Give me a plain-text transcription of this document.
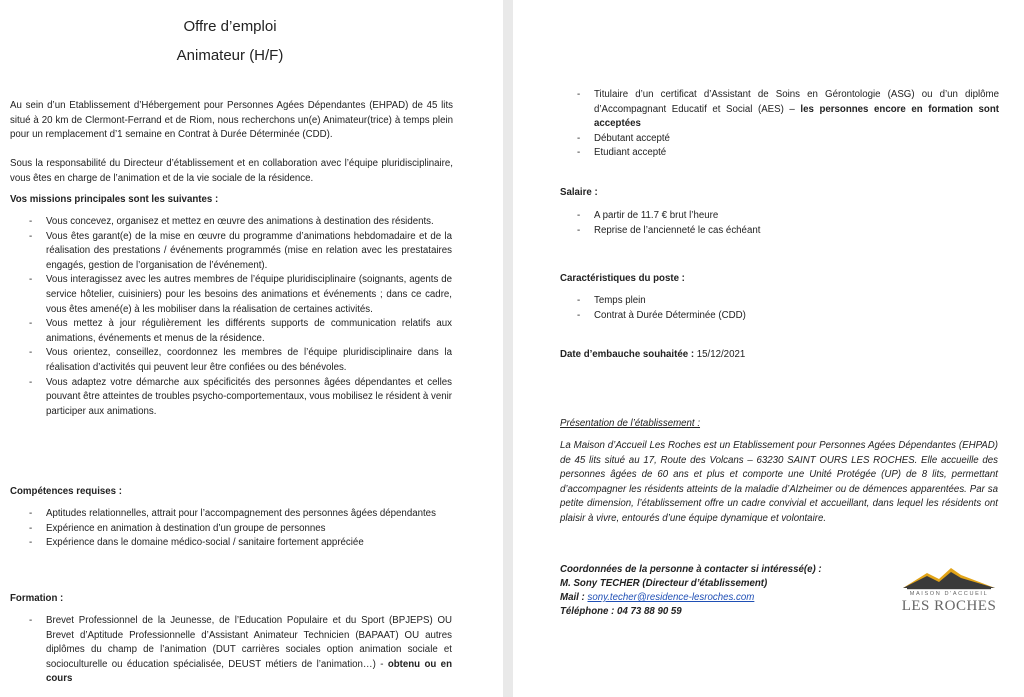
Offre d’emploi

Animateur (H/F)

Au sein d’un Etablissement d’Hébergement pour Personnes Agées Dépendantes (EHPAD) de 45 lits situé à 20 km de Clermont-Ferrand et de Riom, nous recherchons un(e) Animateur(trice) à temps plein pour un remplacement d’1 semaine en Contrat à Durée Déterminée (CDD).

Sous la responsabilité du Directeur d’établissement et en collaboration avec l’équipe pluridisciplinaire, vous êtes en charge de l’animation et de la vie sociale de la résidence.

Vos missions principales sont les suivantes :

- Vous concevez, organisez et mettez en œuvre des animations à destination des résidents.
- Vous êtes garant(e) de la mise en œuvre du programme d’animations hebdomadaire et de la réalisation des prestations / événements programmés (mise en relation avec les prestataires engagés, gestion de l’organisation de l’événement).
- Vous interagissez avec les autres membres de l’équipe pluridisciplinaire (soignants, agents de service hôtelier, cuisiniers) pour les besoins des animations et événements ; dans ce cadre, vous êtes amené(e) à les mobiliser dans la réalisation de certaines activités.
- Vous mettez à jour régulièrement les différents supports de communication relatifs aux animations, événements et menus de la résidence.
- Vous orientez, conseillez, coordonnez les membres de l’équipe pluridisciplinaire dans la réalisation d’activités qui peuvent leur être confiées ou des bénévoles.
- Vous adaptez votre démarche aux spécificités des personnes âgées dépendantes et celles pouvant être atteintes de troubles psycho-comportementaux, vous mobilisez le résident à venir participer aux animations.

Compétences requises :

- Aptitudes relationnelles, attrait pour l’accompagnement des personnes âgées dépendantes
- Expérience en animation à destination d’un groupe de personnes
- Expérience dans le domaine médico-social / sanitaire fortement appréciée

Formation :

- Brevet Professionnel de la Jeunesse, de l’Education Populaire et du Sport (BPJEPS) OU Brevet d’Aptitude Professionnelle d’Assistant Animateur Technicien (BAPAAT) OU autres diplômes du champ de l’animation (DUT carrières sociales option animation sociale et socioculturelle ou éducation spécialisée, DEUST métiers de l’animation…) - obtenu ou en cours
- Titulaire d’un certificat d’Assistant de Soins en Gérontologie (ASG) ou d’un diplôme d’Accompagnant Educatif et Social (AES) – les personnes encore en formation sont acceptées
- Débutant accepté
- Etudiant accepté

Salaire :

- A partir de 11.7 € brut l’heure
- Reprise de l’ancienneté le cas échéant

Caractéristiques du poste :

- Temps plein
- Contrat à Durée Déterminée (CDD)

Date d’embauche souhaitée : 15/12/2021

Présentation de l’établissement :

La Maison d’Accueil Les Roches est un Etablissement pour Personnes Agées Dépendantes (EHPAD) de 45 lits situé au 17, Route des Volcans – 63230 SAINT OURS LES ROCHES. Elle accueille des personnes âgées de 60 ans et plus et comporte une Unité Protégée (UP) de 8 lits, permettant d’accompagner les résidents atteints de la maladie d’Alzheimer ou de démences apparentées. Par sa petite dimension, l’établissement offre un cadre convivial et accueillant, dans lequel les résidents ont plaisir à vivre, entourés d’une équipe dynamique et volontaire.

Coordonnées de la personne à contacter si intéressé(e) :

M. Sony TECHER (Directeur d’établissement)

Mail : sony.techer@residence-lesroches.com

Téléphone : 04 73 88 90 59

MAISON D'ACCUEIL
LES ROCHES
